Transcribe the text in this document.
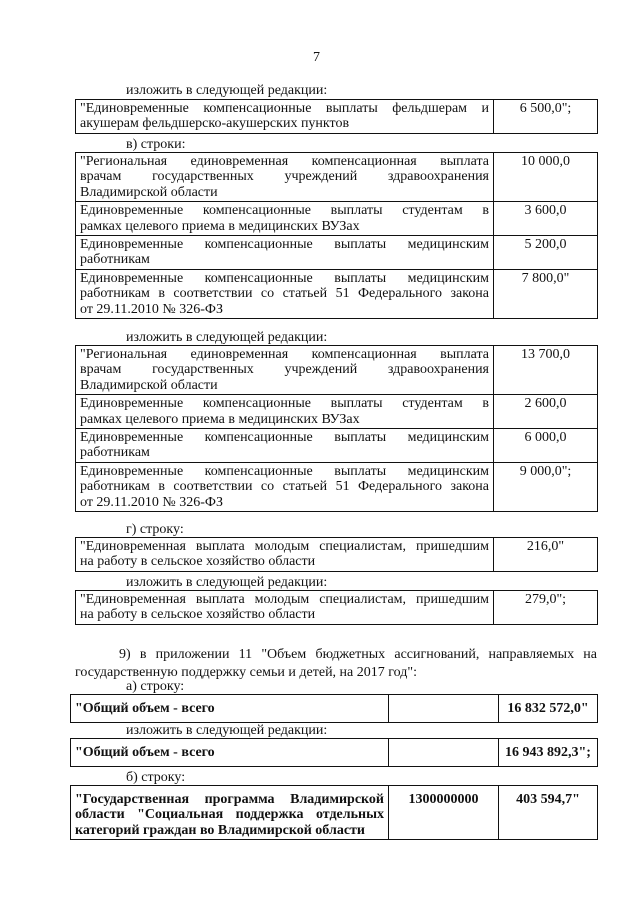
7
изложить в следующей редакции:
"Единовременные компенсационные выплаты фельдшерам и
акушерам фельдшерско-акушерских пунктов
	6 500,0";
в) строки:
"Региональная единовременная компенсационная выплата
врачам государственных учреждений здравоохранения
Владимирской области	10 000,0

Единовременные компенсационные выплаты студентам в
рамках целевого приема в медицинских ВУЗах	3 600,0

Единовременные компенсационные выплаты медицинским
работникам	5 200,0

Единовременные компенсационные выплаты медицинским
работникам в соответствии со статьей 51 Федерального закона
от 29.11.2010 № 326-ФЗ	7 800,0"
изложить в следующей редакции:
"Региональная единовременная компенсационная выплата
врачам государственных учреждений здравоохранения
Владимирской области	13 700,0

Единовременные компенсационные выплаты студентам в
рамках целевого приема в медицинских ВУЗах	2 600,0

Единовременные компенсационные выплаты медицинским
работникам	6 000,0

Единовременные компенсационные выплаты медицинским
работникам в соответствии со статьей 51 Федерального закона
от 29.11.2010 № 326-ФЗ	9 000,0";
г) строку:
"Единовременная выплата молодым специалистам, пришедшим
на работу в сельское хозяйство области
	216,0"
изложить в следующей редакции:
"Единовременная выплата молодым специалистам, пришедшим
на работу в сельское хозяйство области
	279,0";
9) в приложении 11 "Объем бюджетных ассигнований, направляемых на государственную поддержку семьи и детей, на 2017 год":
а) строку:
"Общий объем - всего		16 832 572,0"
изложить в следующей редакции:
"Общий объем - всего		16 943 892,3";
б) строку:
"Государственная программа Владимирской
области "Социальная поддержка отдельных
категорий граждан во Владимирской области
	1300000000	403 594,7"
